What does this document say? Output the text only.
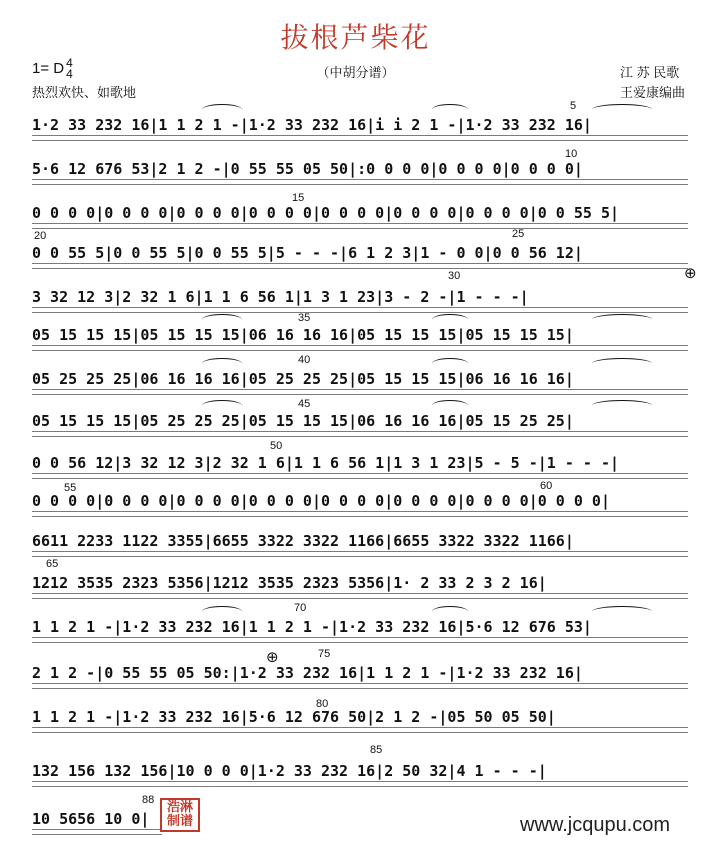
拔根芦柴花
（中胡分谱）
1= D 4
4
热烈欢快、如歌地
江 苏 民歌
王爱康编曲
1·2 33 232 16|1 1 2 1 -|1·2 33 232 16|i i 2 1 -|1·2 33 232 16|
5·6 12 676 53|2 1 2 -|0 55 55 05 50|:0 0 0 0|0 0 0 0|0 0 0 0|
0 0 0 0|0 0 0 0|0 0 0 0|0 0 0 0|0 0 0 0|0 0 0 0|0 0 0 0|0 0 55 5|
0 0 55 5|0 0 55 5|0 0 55 5|5 - - -|6 1 2 3|1 - 0 0|0 0 56 12|
3 32 12 3|2 32 1 6|1 1 6 56 1|1 3 1 23|3 - 2 -|1 - - -|
05 15 15 15|05 15 15 15|06 16 16 16|05 15 15 15|05 15 15 15|
05 25 25 25|06 16 16 16|05 25 25 25|05 15 15 15|06 16 16 16|
05 15 15 15|05 25 25 25|05 15 15 15|06 16 16 16|05 15 25 25|
0 0 56 12|3 32 12 3|2 32 1 6|1 1 6 56 1|1 3 1 23|5 - 5 -|1 - - -|
0 0 0 0|0 0 0 0|0 0 0 0|0 0 0 0|0 0 0 0|0 0 0 0|0 0 0 0|0 0 0 0|
6611 2233 1122 3355|6655 3322 3322 1166|6655 3322 3322 1166|
1212 3535 2323 5356|1212 3535 2323 5356|1· 2 33 2 3 2 16|
1 1 2 1 -|1·2 33 232 16|1 1 2 1 -|1·2 33 232 16|5·6 12 676 53|
2 1 2 -|0 55 55 05 50:|1·2 33 232 16|1 1 2 1 -|1·2 33 232 16|
1 1 2 1 -|1·2 33 232 16|5·6 12 676 50|2 1 2 -|05 50 05 50|
132 156 132 156|10 0 0 0|1·2 33 232 16|2 50 32|4 1 - - -|
10 5656 10 0|
5
10
15
20	25
30
35
40
45
50
55	60
65
70
75
80
85
88
⊕
⊕
浩淋制谱	www.jcqupu.com
